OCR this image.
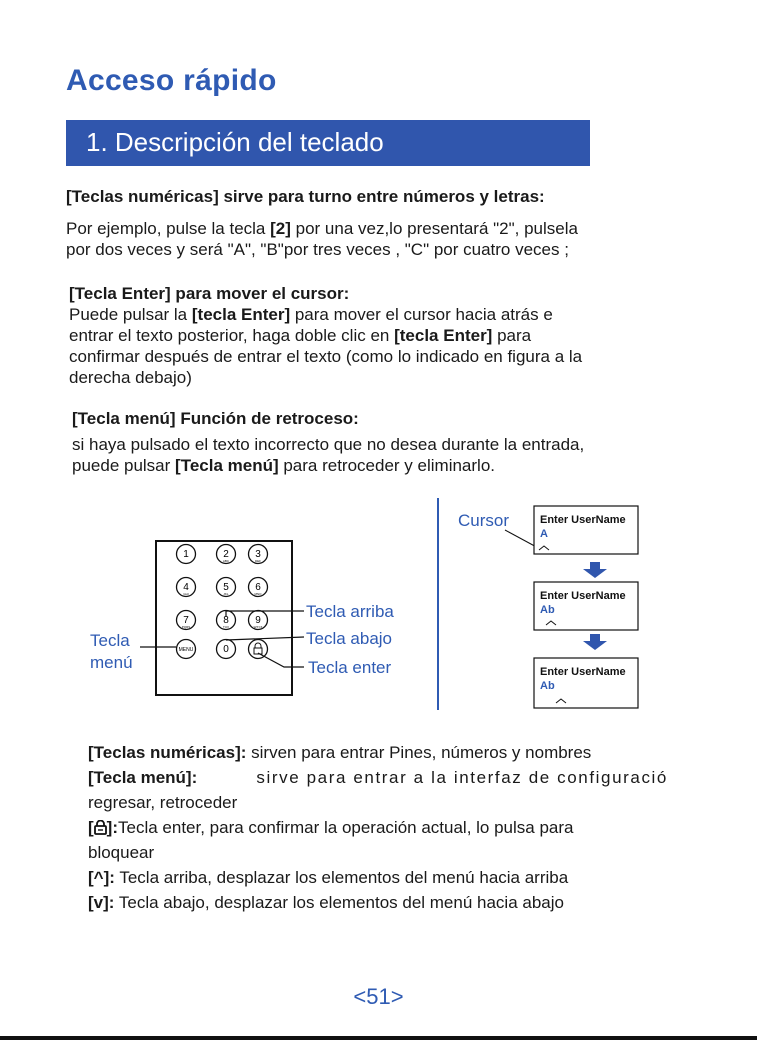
Acceso rápido
1. Descripción del teclado
[Teclas numéricas] sirve para turno entre números y letras:
Por ejemplo, pulse la tecla [2] por una vez,lo presentará "2", pulsela
por dos veces y será "A", "B"por tres veces , "C" por cuatro veces ;
[Tecla Enter] para mover el cursor:
Puede pulsar la [tecla Enter] para mover el cursor hacia atrás e
entrar el texto posterior, haga doble clic en [tecla Enter] para
confirmar después de entrar el texto (como lo indicado en figura a la
derecha debajo)
[Tecla menú] Función de retroceso:
si haya pulsado el texto incorrecto que no desea durante la entrada,
puede pulsar [Tecla menú] para retroceder y eliminarlo.
1	2
ABC
3
DEF
4
GHI
5
JKL
6
MNO
7
PQRS
8
TUV
9
WXYZ
MENU	0
Tecla arriba
Tecla abajo
Tecla enter
Tecla
menú
Cursor	Enter UserName
A
Enter UserName
Ab
Enter UserName
Ab
[Teclas numéricas]: sirven para entrar Pines, números y nombres
[Tecla menú]:	sirve para entrar a la interfaz de configuració
regresar, retroceder
[ ]:Tecla enter, para confirmar la operación actual, lo pulsa para
bloquear
[^]: Tecla arriba, desplazar los elementos del menú hacia arriba
[v]: Tecla abajo, desplazar los elementos del menú hacia abajo
<51>
